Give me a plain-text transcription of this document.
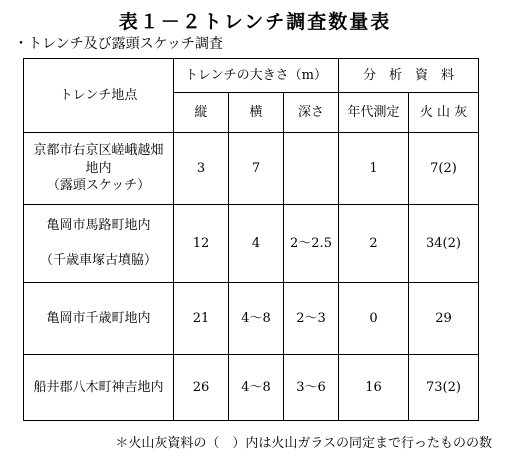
表１－２トレンチ調査数量表
・トレンチ及び露頭スケッチ調査
トレンチ地点	トレンチの大きさ（m）			分　析　資　料	
	縦	横	深さ	年代測定	火 山 灰

京都市右京区嵯峨越畑
地内
（露頭スケッチ）	3	7		1	7(2)

亀岡市馬路町地内
（千歳車塚古墳脇）	12	4	2～2.5	2	34(2)

亀岡市千歳町地内	21	4～8	2～3	0	29

船井郡八木町神吉地内	26	4～8	3～6	16	73(2)
＊火山灰資料の（　）内は火山ガラスの同定まで行ったものの数
